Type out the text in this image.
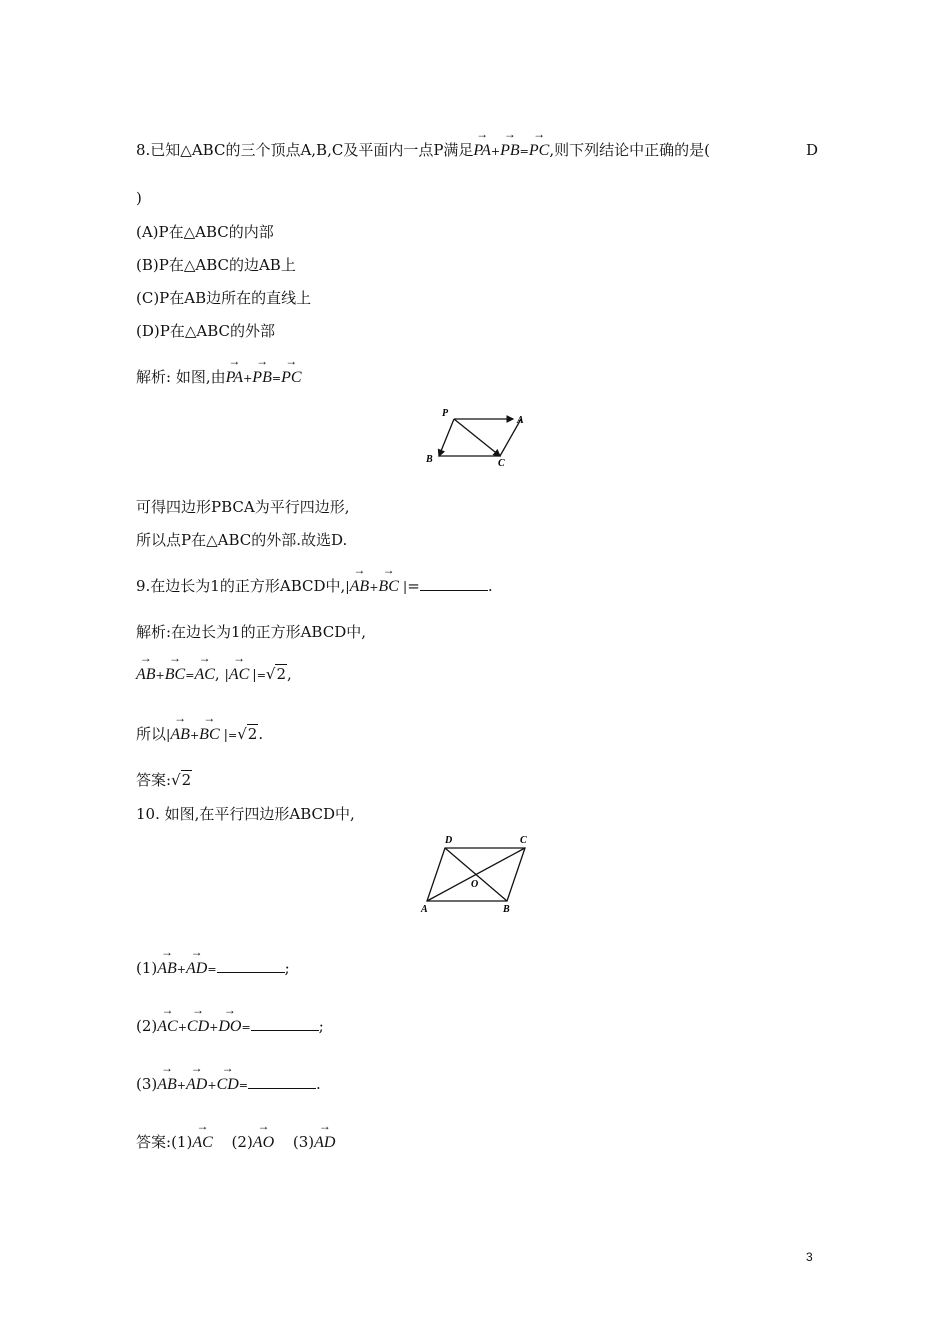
8.已知△ABC的三个顶点A,B,C及平面内一点P满足→ PA+→ PB=→ PC,则下列结论中正确的是(	D
)
(A)P在△ABC的内部
(B)P在△ABC的边AB上
(C)P在AB边所在的直线上
(D)P在△ABC的外部
解析: 如图,由→ PA+→ PB=→ PC
P
A
B	C
可得四边形PBCA为平行四边形,
所以点P在△ABC的外部.故选D.
9.在边长为1的正方形ABCD中,|→ AB+→ BC |=	.
解析:在边长为1的正方形ABCD中,
→ AB+→ BC=→ AC, |→ AC |=√2,
所以|→ AB+→ BC |=√2.
答案:√2
10. 如图,在平行四边形ABCD中,
D	C
O
A	B
(1)→ AB+→ AD=	;
(2)→ AC+→ CD+→ DO=	;
(3)→ AB+→ AD+→ CD=	.
答案:(1)→ AC (2)→ AO (3)→ AD
3
